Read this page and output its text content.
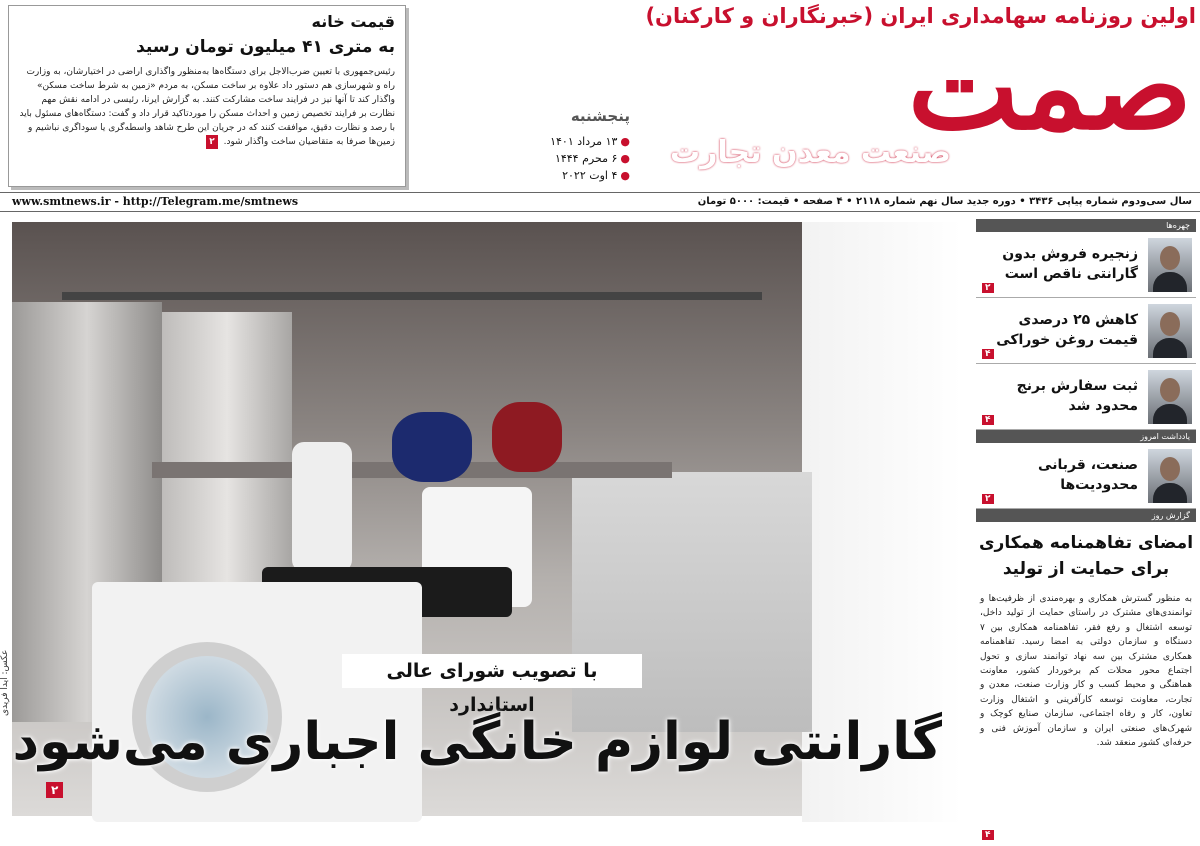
اولین روزنامه سهامداری ایران (خبرنگاران و کارکنان)
صمت
صنعت معدن تجارت
پنجشنبه
●۱۳ مرداد ۱۴۰۱
●۶ محرم ۱۴۴۴
●۴ اوت ۲۰۲۲
قیمت خانه
به متری ۴۱ میلیون تومان رسید
رئیس‌جمهوری با تعیین ضرب‌الاجل برای دستگاه‌ها به‌منظور واگذاری اراضی در اختیارشان، به وزارت راه و شهرسازی هم دستور داد علاوه بر ساخت مسکن، به مردم «زمین به شرط ساخت مسکن» واگذار کند تا آنها نیز در فرایند ساخت مشارکت کنند. به گزارش ایرنا، رئیسی در ادامه نقش مهم نظارت بر فرایند تخصیص زمین و احداث مسکن را موردتاکید قرار داد و گفت: دستگاه‌های مسئول باید با رصد و نظارت دقیق، موافقت کنند که در جریان این طرح شاهد واسطه‌گری یا سوداگری نباشیم و زمین‌ها صرفا به متقاضیان ساخت واگذار شود. ۲
سال سی‌ودوم شماره پیاپی ۳۴۳۶ • دوره جدید سال نهم شماره ۲۱۱۸ • ۴ صفحه • قیمت: ۵۰۰۰ تومان
www.smtnews.ir - http://Telegram.me/smtnews
با تصویب شورای عالی استاندارد
گارانتی لوازم خانگی اجباری می‌شود
۲
عکس: آیدا فریدی
چهره‌ها
زنجیره فروش بدون گارانتی ناقص است
۲
کاهش ۲۵ درصدی قیمت روغن خوراکی
۴
ثبت سفارش برنج محدود شد
۴
یادداشت امروز
صنعت، قربانی محدودیت‌ها
۲
گزارش روز
امضای تفاهمنامه همکاری برای حمایت از تولید
به منظور گسترش همکاری و بهره‌مندی از ظرفیت‌ها و توانمندی‌های مشترک در راستای حمایت از تولید داخل، توسعه اشتغال و رفع فقر، تفاهمنامه همکاری بین ۷ دستگاه و سازمان دولتی به امضا رسید. تفاهمنامه همکاری مشترک بین سه نهاد توانمند سازی و تحول اجتماع محور محلات کم برخوردار کشور، معاونت هماهنگی و محیط کسب و کار وزارت صنعت، معدن و تجارت، معاونت توسعه کارآفرینی و اشتغال وزارت تعاون، کار و رفاه اجتماعی، سازمان صنایع کوچک و شهرک‌های صنعتی ایران و سازمان آموزش فنی و حرفه‌ای کشور منعقد شد.
۴
